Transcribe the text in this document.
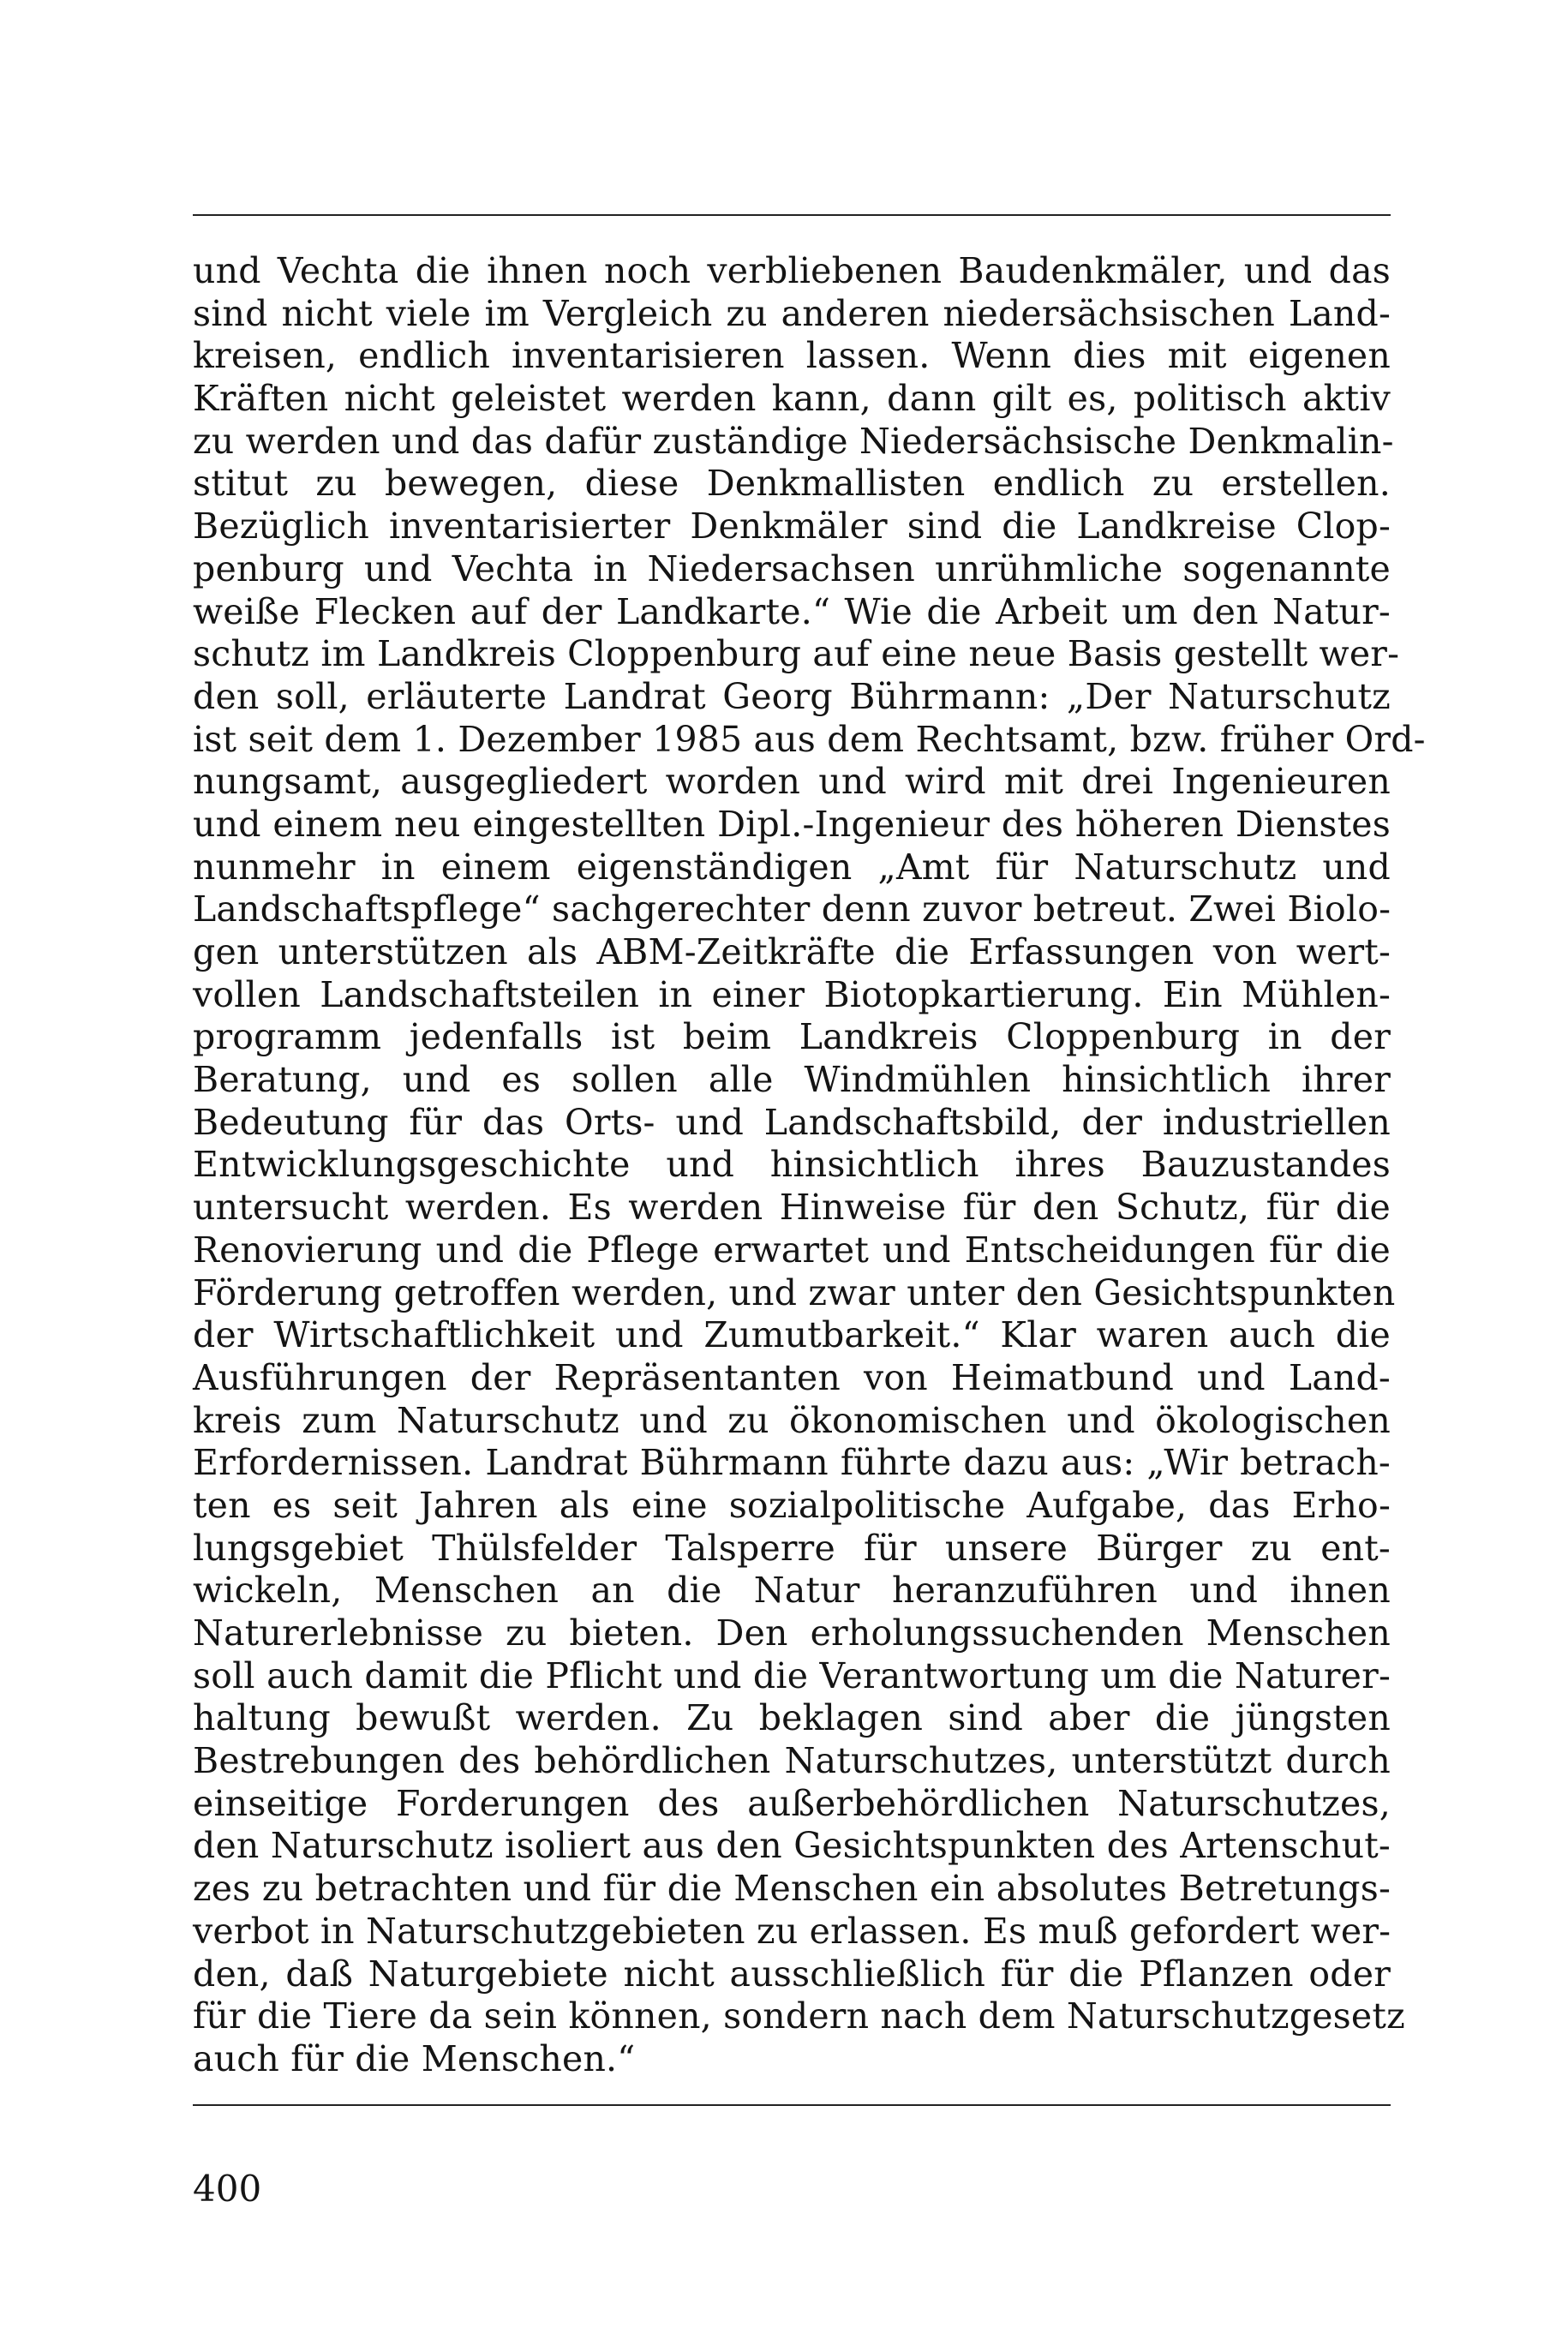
und Vechta die ihnen noch verbliebenen Baudenkmäler, und das
sind nicht viele im Vergleich zu anderen niedersächsischen Land-
kreisen, endlich inventarisieren lassen. Wenn dies mit eigenen
Kräften nicht geleistet werden kann, dann gilt es, politisch aktiv
zu werden und das dafür zuständige Niedersächsische Denkmalin-
stitut zu bewegen, diese Denkmallisten endlich zu erstellen.
Bezüglich inventarisierter Denkmäler sind die Landkreise Clop-
penburg und Vechta in Niedersachsen unrühmliche sogenannte
weiße Flecken auf der Landkarte.“ Wie die Arbeit um den Natur-
schutz im Landkreis Cloppenburg auf eine neue Basis gestellt wer-
den soll, erläuterte Landrat Georg Bührmann: „Der Naturschutz
ist seit dem 1. Dezember 1985 aus dem Rechtsamt, bzw. früher Ord-
nungsamt, ausgegliedert worden und wird mit drei Ingenieuren
und einem neu eingestellten Dipl.-Ingenieur des höheren Dienstes
nunmehr in einem eigenständigen „Amt für Naturschutz und
Landschaftspflege“ sachgerechter denn zuvor betreut. Zwei Biolo-
gen unterstützen als ABM-Zeitkräfte die Erfassungen von wert-
vollen Landschaftsteilen in einer Biotopkartierung. Ein Mühlen-
programm jedenfalls ist beim Landkreis Cloppenburg in der
Beratung, und es sollen alle Windmühlen hinsichtlich ihrer
Bedeutung für das Orts- und Landschaftsbild, der industriellen
Entwicklungsgeschichte und hinsichtlich ihres Bauzustandes
untersucht werden. Es werden Hinweise für den Schutz, für die
Renovierung und die Pflege erwartet und Entscheidungen für die
Förderung getroffen werden, und zwar unter den Gesichtspunkten
der Wirtschaftlichkeit und Zumutbarkeit.“ Klar waren auch die
Ausführungen der Repräsentanten von Heimatbund und Land-
kreis zum Naturschutz und zu ökonomischen und ökologischen
Erfordernissen. Landrat Bührmann führte dazu aus: „Wir betrach-
ten es seit Jahren als eine sozialpolitische Aufgabe, das Erho-
lungsgebiet Thülsfelder Talsperre für unsere Bürger zu ent-
wickeln, Menschen an die Natur heranzuführen und ihnen
Naturerlebnisse zu bieten. Den erholungssuchenden Menschen
soll auch damit die Pflicht und die Verantwortung um die Naturer-
haltung bewußt werden. Zu beklagen sind aber die jüngsten
Bestrebungen des behördlichen Naturschutzes, unterstützt durch
einseitige Forderungen des außerbehördlichen Naturschutzes,
den Naturschutz isoliert aus den Gesichtspunkten des Artenschut-
zes zu betrachten und für die Menschen ein absolutes Betretungs-
verbot in Naturschutzgebieten zu erlassen. Es muß gefordert wer-
den, daß Naturgebiete nicht ausschließlich für die Pflanzen oder
für die Tiere da sein können, sondern nach dem Naturschutzgesetz
auch für die Menschen.“
400
